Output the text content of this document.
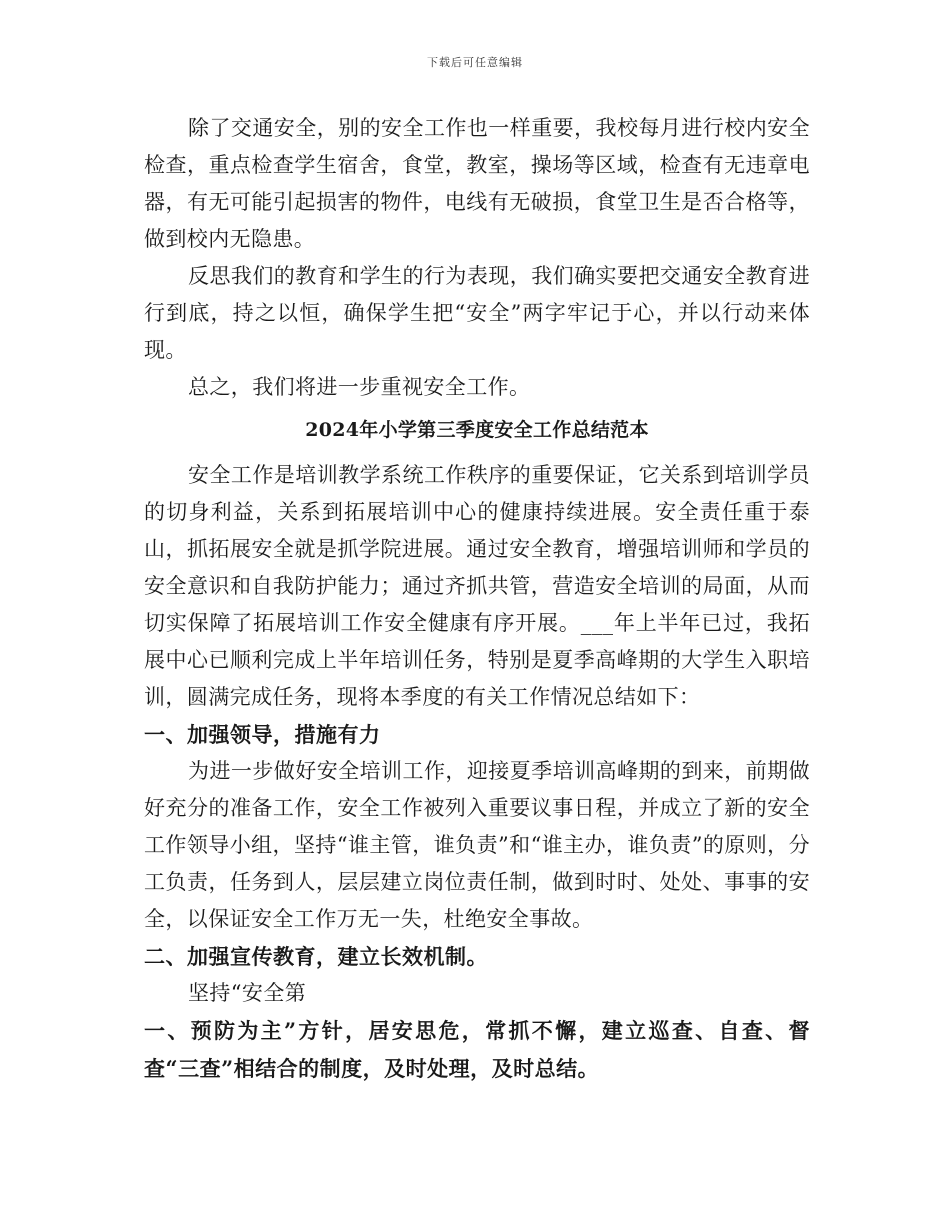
下载后可任意编辑

除了交通安全，别的安全工作也一样重要，我校每月进行校内安全检查，重点检查学生宿舍，食堂，教室，操场等区域，检查有无违章电器，有无可能引起损害的物件，电线有无破损，食堂卫生是否合格等，做到校内无隐患。

反思我们的教育和学生的行为表现，我们确实要把交通安全教育进行到底，持之以恒，确保学生把“安全”两字牢记于心，并以行动来体现。

总之，我们将进一步重视安全工作。

2024年小学第三季度安全工作总结范本

安全工作是培训教学系统工作秩序的重要保证，它关系到培训学员的切身利益，关系到拓展培训中心的健康持续进展。安全责任重于泰山，抓拓展安全就是抓学院进展。通过安全教育，增强培训师和学员的安全意识和自我防护能力；通过齐抓共管，营造安全培训的局面，从而切实保障了拓展培训工作安全健康有序开展。___年上半年已过，我拓展中心已顺利完成上半年培训任务，特别是夏季高峰期的大学生入职培训，圆满完成任务，现将本季度的有关工作情况总结如下：

一、加强领导，措施有力

为进一步做好安全培训工作，迎接夏季培训高峰期的到来，前期做好充分的准备工作，安全工作被列入重要议事日程，并成立了新的安全工作领导小组，坚持“谁主管，谁负责”和“谁主办，谁负责”的原则，分工负责，任务到人，层层建立岗位责任制，做到时时、处处、事事的安全，以保证安全工作万无一失，杜绝安全事故。

二、加强宣传教育，建立长效机制。

坚持“安全第

一、预防为主”方针，居安思危，常抓不懈，建立巡查、自查、督查“三查”相结合的制度，及时处理，及时总结。
